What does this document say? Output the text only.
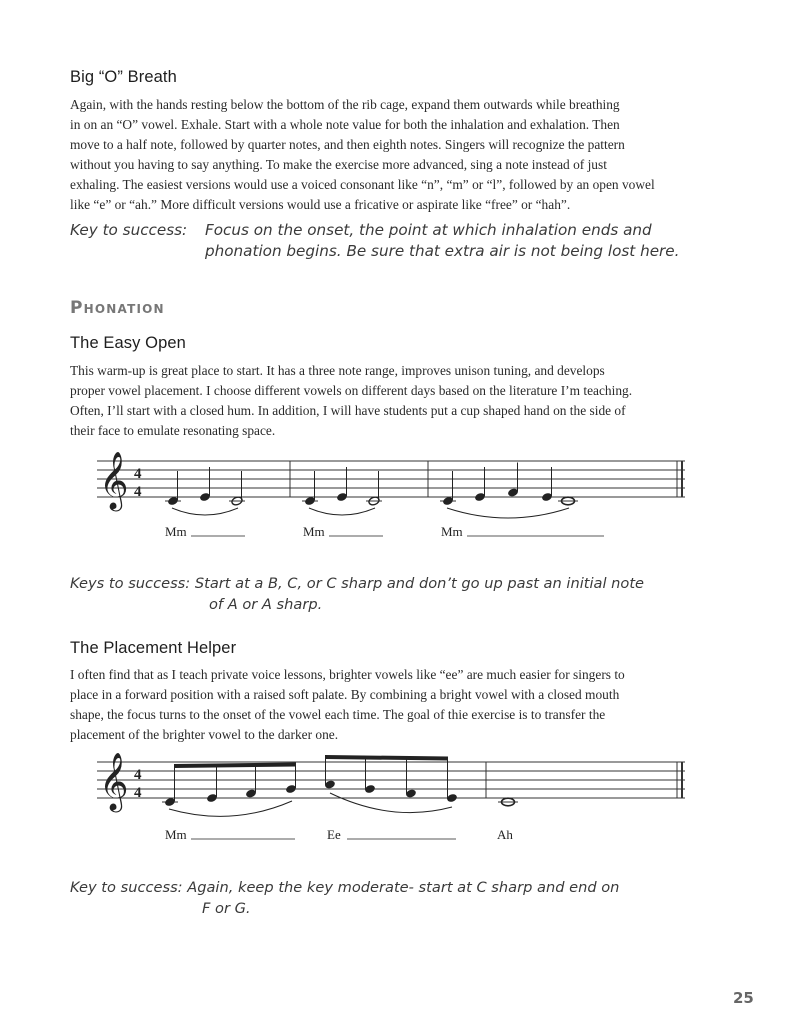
Big “O” Breath

Again, with the hands resting below the bottom of the rib cage, expand them outwards while breathing

in on an “O” vowel. Exhale. Start with a whole note value for both the inhalation and exhalation. Then

move to a half note, followed by quarter notes, and then eighth notes. Singers will recognize the pattern

without you having to say anything. To make the exercise more advanced, sing a note instead of just

exhaling. The easiest versions would use a voiced consonant like “n”, “m” or “l”, followed by an open vowel

like “e” or “ah.” More difficult versions would use a fricative or aspirate like “free” or “hah”.

Key to success: Focus on the onset, the point at which inhalation ends and
phonation begins. Be sure that extra air is not being lost here.
Phonation
The Easy Open

This warm-up is great place to start. It has a three note range, improves unison tuning, and develops

proper vowel placement. I choose different vowels on different days based on the literature I’m teaching.

Often, I’ll start with a closed hum. In addition, I will have students put a cup shaped hand on the side of

their face to emulate resonating space.

𝄞 4
4
Mm	Mm	Mm
Keys to success: Start at a B, C, or C sharp and don’t go up past an initial note
of A or A sharp.
The Placement Helper

I often find that as I teach private voice lessons, brighter vowels like “ee” are much easier for singers to

place in a forward position with a raised soft palate. By combining a bright vowel with a closed mouth

shape, the focus turns to the onset of the vowel each time. The goal of thie exercise is to transfer the

placement of the brighter vowel to the darker one.

𝄞 4
4
Mm	Ee	Ah
Key to success: Again, keep the key moderate- start at C sharp and end on
F or G.
25
